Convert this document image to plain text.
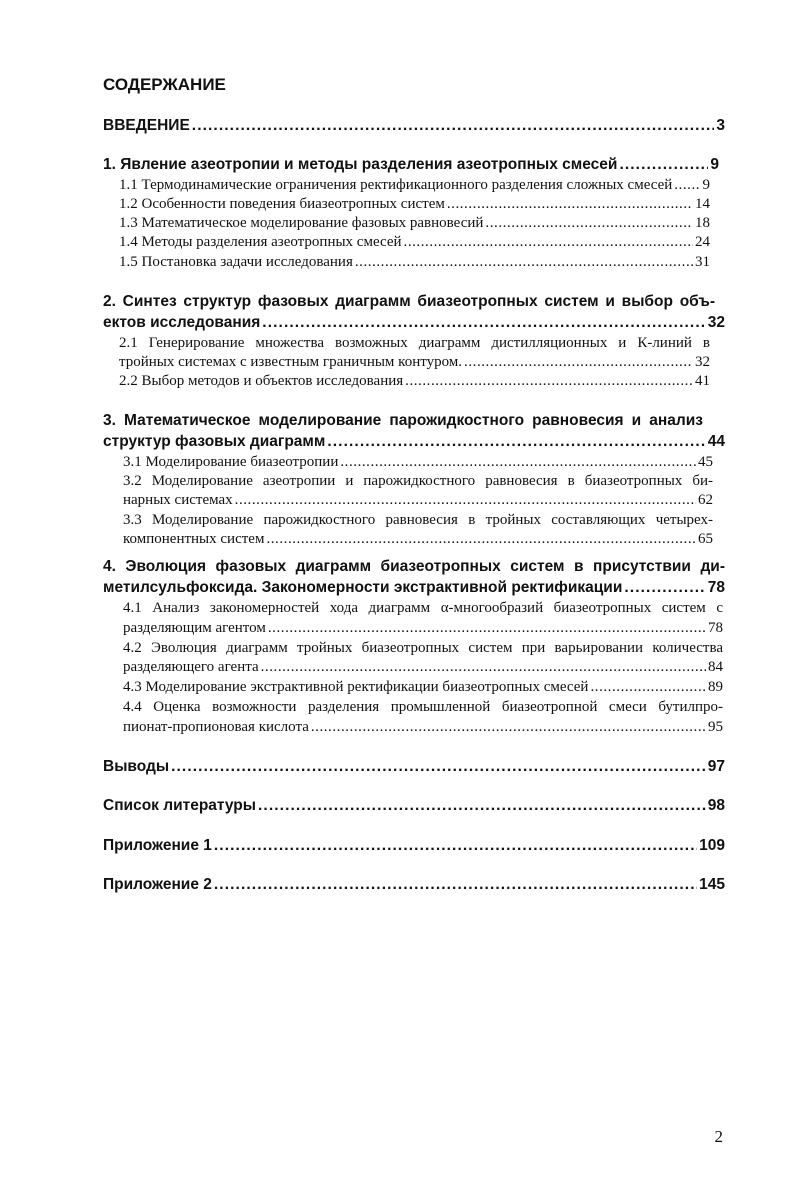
СОДЕРЖАНИЕ
ВВЕДЕНИЕ . . .	3
1. Явление азеотропии и методы разделения азеотропных смесей . . .	9
1.1 Термодинамические ограничения ректификационного разделения сложных смесей . . . 9
1.2 Особенности поведения биазеотропных систем . . .	14
1.3 Математическое моделирование фазовых равновесий . . .	18
1.4 Методы разделения азеотропных смесей . . .	24
1.5 Постановка задачи исследования . . .	31
2. Синтез структур фазовых диаграмм биазеотропных систем и выбор объ-
ектов исследования . . .	32
2.1 Генерирование множества возможных диаграмм дистилляционных и К-линий в
тройных системах с известным граничным контуром. . . .	32
2.2 Выбор методов и объектов исследования . . .	41
3. Математическое моделирование парожидкостного равновесия и анализ
структур фазовых диаграмм . . .	44
3.1 Моделирование биазеотропии . . .	45
3.2 Моделирование азеотропии и парожидкостного равновесия в биазеотропных би-
нарных системах . . .	62
3.3 Моделирование парожидкостного равновесия в тройных составляющих четырех-
компонентных систем . . .	65
4. Эволюция фазовых диаграмм биазеотропных систем в присутствии ди-
метилсульфоксида. Закономерности экстрактивной ректификации . . .	78
4.1 Анализ закономерностей хода диаграмм α-многообразий биазеотропных систем с
разделяющим агентом . . .	78
4.2 Эволюция диаграмм тройных биазеотропных систем при варьировании количества
разделяющего агента . . .	84
4.3 Моделирование экстрактивной ректификации биазеотропных смесей . . .	89
4.4 Оценка возможности разделения промышленной биазеотропной смеси бутилпро-
пионат-пропионовая кислота . . .	95
Выводы . . .	97
Список литературы . . .	98
Приложение 1 . . .	109
Приложение 2 . . .	145
2
